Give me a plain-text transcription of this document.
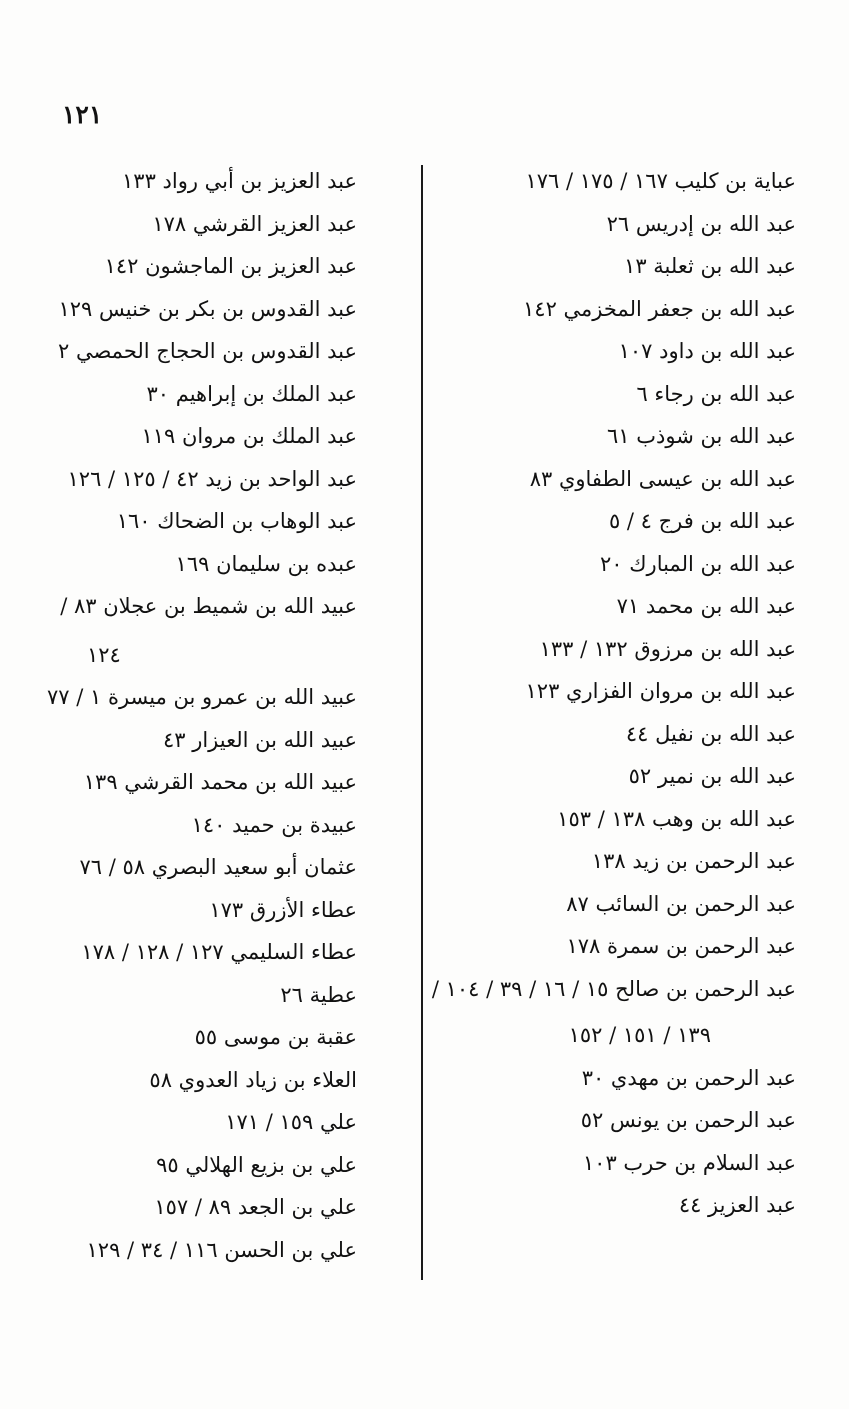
١٢١
عباية بن كليب ١٦٧ / ١٧٥ / ١٧٦
عبد الله بن إدريس ٢٦
عبد الله بن ثعلبة ١٣
عبد الله بن جعفر المخزمي ١٤٢
عبد الله بن داود ١٠٧
عبد الله بن رجاء ٦
عبد الله بن شوذب ٦١
عبد الله بن عيسى الطفاوي ٨٣
عبد الله بن فرج ٤ / ٥
عبد الله بن المبارك ٢٠
عبد الله بن محمد ٧١
عبد الله بن مرزوق ١٣٢ / ١٣٣
عبد الله بن مروان الفزاري ١٢٣
عبد الله بن نفيل ٤٤
عبد الله بن نمير ٥٢
عبد الله بن وهب ١٣٨ / ١٥٣
عبد الرحمن بن زيد ١٣٨
عبد الرحمن بن السائب ٨٧
عبد الرحمن بن سمرة ١٧٨
عبد الرحمن بن صالح ١٥ / ١٦ / ٣٩ / ١٠٤ /
١٣٩ / ١٥١ / ١٥٢
عبد الرحمن بن مهدي ٣٠
عبد الرحمن بن يونس ٥٢
عبد السلام بن حرب ١٠٣
عبد العزيز ٤٤
عبد العزيز بن أبي رواد ١٣٣
عبد العزيز القرشي ١٧٨
عبد العزيز بن الماجشون ١٤٢
عبد القدوس بن بكر بن خنيس ١٢٩
عبد القدوس بن الحجاج الحمصي ٢
عبد الملك بن إبراهيم ٣٠
عبد الملك بن مروان ١١٩
عبد الواحد بن زيد ٤٢ / ١٢٥ / ١٢٦
عبد الوهاب بن الضحاك ١٦٠
عبده بن سليمان ١٦٩
عبيد الله بن شميط بن عجلان ٨٣ /
١٢٤
عبيد الله بن عمرو بن ميسرة ١ / ٧٧
عبيد الله بن العيزار ٤٣
عبيد الله بن محمد القرشي ١٣٩
عبيدة بن حميد ١٤٠
عثمان أبو سعيد البصري ٥٨ / ٧٦
عطاء الأزرق ١٧٣
عطاء السليمي ١٢٧ / ١٢٨ / ١٧٨
عطية ٢٦
عقبة بن موسى ٥٥
العلاء بن زياد العدوي ٥٨
علي ١٥٩ / ١٧١
علي بن بزيع الهلالي ٩٥
علي بن الجعد ٨٩ / ١٥٧
علي بن الحسن ١١٦ / ٣٤ / ١٢٩
